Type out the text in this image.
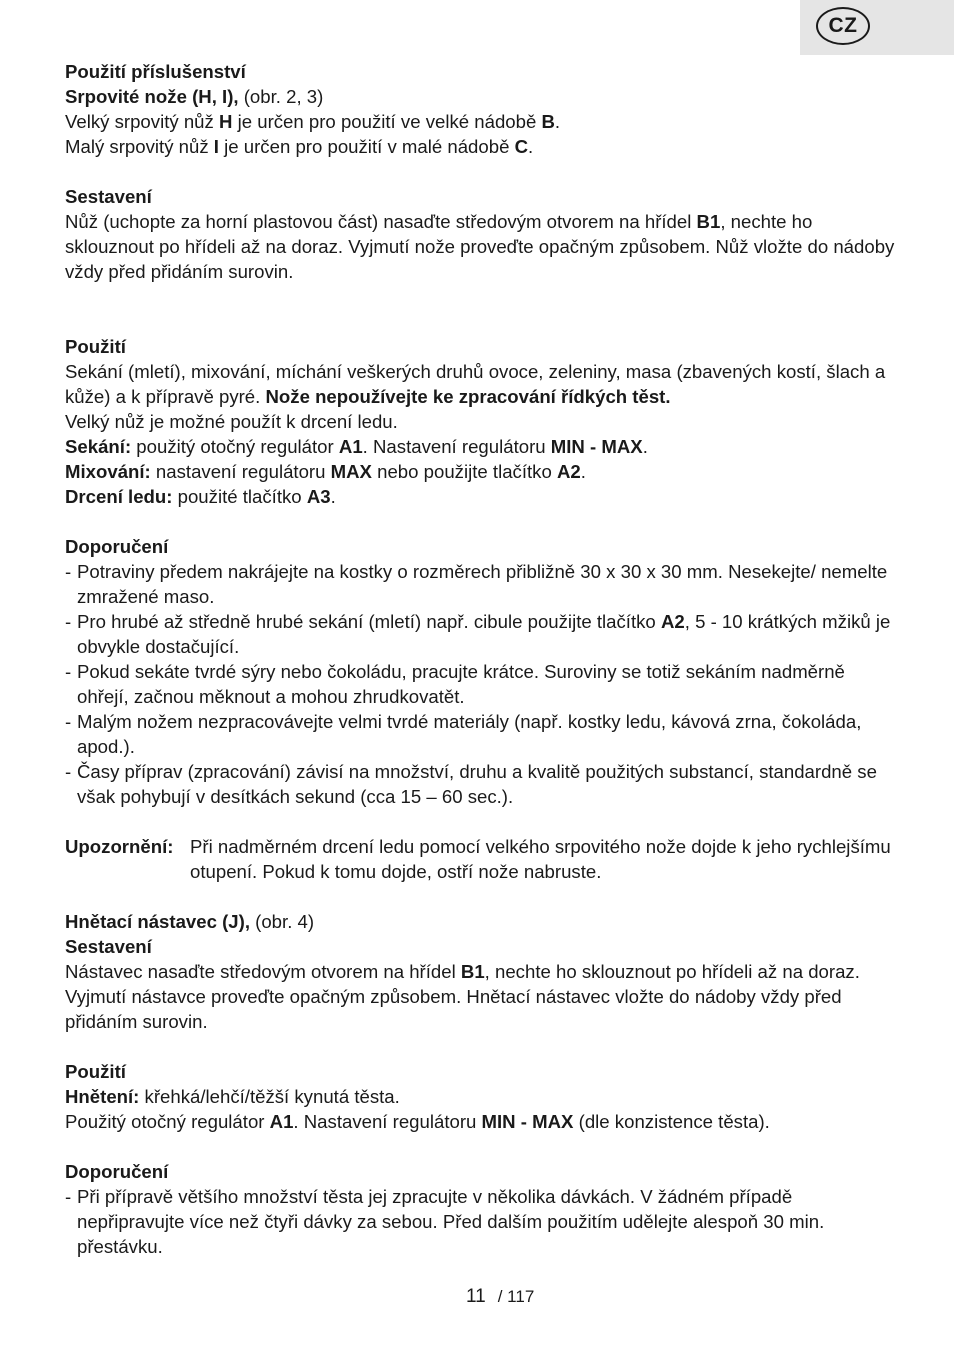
CZ

Použití příslušenství

Srpovité nože (H, I), (obr. 2, 3)

Velký srpovitý nůž H je určen pro použití ve velké nádobě B.

Malý srpovitý nůž I je určen pro použití v malé nádobě C.

Sestavení

Nůž (uchopte za horní plastovou část) nasaďte středovým otvorem na hřídel B1, nechte ho sklouznout po hřídeli až na doraz. Vyjmutí nože proveďte opačným způsobem. Nůž vložte do nádoby vždy před přidáním surovin.

Použití

Sekání (mletí), mixování, míchání veškerých druhů ovoce, zeleniny, masa (zbavených kostí, šlach a kůže) a k přípravě pyré. Nože nepoužívejte ke zpracování řídkých těst.

Velký nůž je možné použít k drcení ledu.

Sekání: použitý otočný regulátor A1. Nastavení regulátoru MIN - MAX.

Mixování: nastavení regulátoru MAX nebo použijte tlačítko A2.

Drcení ledu: použité tlačítko A3.

Doporučení

- Potraviny předem nakrájejte na kostky o rozměrech přibližně 30 x 30 x 30 mm. Nesekejte/ nemelte zmražené maso.
- Pro hrubé až středně hrubé sekání (mletí) např. cibule použijte tlačítko A2, 5 - 10 krátkých mžiků je obvykle dostačující.
- Pokud sekáte tvrdé sýry nebo čokoládu, pracujte krátce. Suroviny se totiž sekáním nadměrně ohřejí, začnou měknout a mohou zhrudkovatět.
- Malým nožem nezpracovávejte velmi tvrdé materiály (např. kostky ledu, kávová zrna, čokoláda, apod.).
- Časy příprav (zpracování) závisí na množství, druhu a kvalitě použitých substancí, standardně se však pohybují v desítkách sekund (cca 15 – 60 sec.).
Upozornění: Při nadměrném drcení ledu pomocí velkého srpovitého nože dojde k jeho rychlejšímu otupení. Pokud k tomu dojde, ostří nože nabruste.

Hnětací nástavec (J), (obr. 4)

Sestavení

Nástavec nasaďte středovým otvorem na hřídel B1, nechte ho sklouznout po hřídeli až na doraz. Vyjmutí nástavce proveďte opačným způsobem. Hnětací nástavec vložte do nádoby vždy před přidáním surovin.

Použití

Hnětení: křehká/lehčí/těžší kynutá těsta.

Použitý otočný regulátor A1. Nastavení regulátoru MIN - MAX (dle konzistence těsta).

Doporučení

- Při přípravě většího množství těsta jej zpracujte v několika dávkách. V žádném případě nepřipravujte více než čtyři dávky za sebou. Před dalším použitím udělejte alespoň 30 min. přestávku.
11 / 117
